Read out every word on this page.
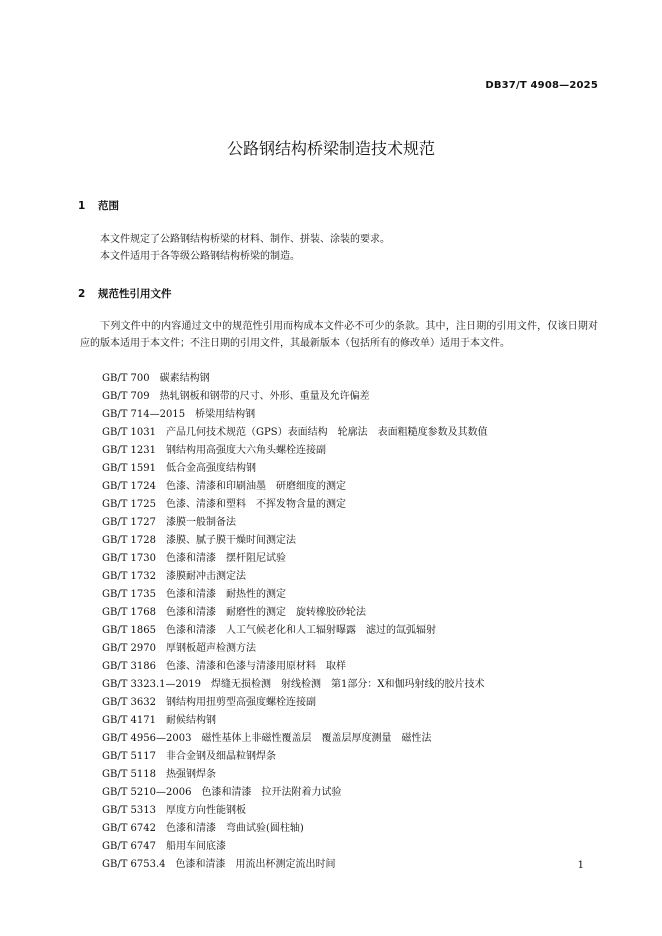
DB37/T 4908—2025
公路钢结构桥梁制造技术规范
1 范围
本文件规定了公路钢结构桥梁的材料、制作、拼装、涂装的要求。
本文件适用于各等级公路钢结构桥梁的制造。
2 规范性引用文件
下列文件中的内容通过文中的规范性引用而构成本文件必不可少的条款。其中，注日期的引用文件，仅该日期对应的版本适用于本文件；不注日期的引用文件，其最新版本（包括所有的修改单）适用于本文件。
GB/T 700　碳素结构钢
GB/T 709　热轧钢板和钢带的尺寸、外形、重量及允许偏差
GB/T 714—2015　桥梁用结构钢
GB/T 1031　产品几何技术规范（GPS）表面结构　轮廓法　表面粗糙度参数及其数值
GB/T 1231　钢结构用高强度大六角头螺栓连接副
GB/T 1591　低合金高强度结构钢
GB/T 1724　色漆、清漆和印刷油墨　研磨细度的测定
GB/T 1725　色漆、清漆和塑料　不挥发物含量的测定
GB/T 1727　漆膜一般制备法
GB/T 1728　漆膜、腻子膜干燥时间测定法
GB/T 1730　色漆和清漆　摆杆阻尼试验
GB/T 1732　漆膜耐冲击测定法
GB/T 1735　色漆和清漆　耐热性的测定
GB/T 1768　色漆和清漆　耐磨性的测定　旋转橡胶砂轮法
GB/T 1865　色漆和清漆　人工气候老化和人工辐射曝露　滤过的氙弧辐射
GB/T 2970　厚钢板超声检测方法
GB/T 3186　色漆、清漆和色漆与清漆用原材料　取样
GB/T 3323.1—2019　焊缝无损检测　射线检测　第1部分：X和伽玛射线的胶片技术
GB/T 3632　钢结构用扭剪型高强度螺栓连接副
GB/T 4171　耐候结构钢
GB/T 4956—2003　磁性基体上非磁性覆盖层　覆盖层厚度测量　磁性法
GB/T 5117　非合金钢及细晶粒钢焊条
GB/T 5118　热强钢焊条
GB/T 5210—2006　色漆和清漆　拉开法附着力试验
GB/T 5313　厚度方向性能钢板
GB/T 6742　色漆和清漆　弯曲试验(圆柱轴)
GB/T 6747　船用车间底漆
GB/T 6753.4　色漆和清漆　用流出杯测定流出时间	1
